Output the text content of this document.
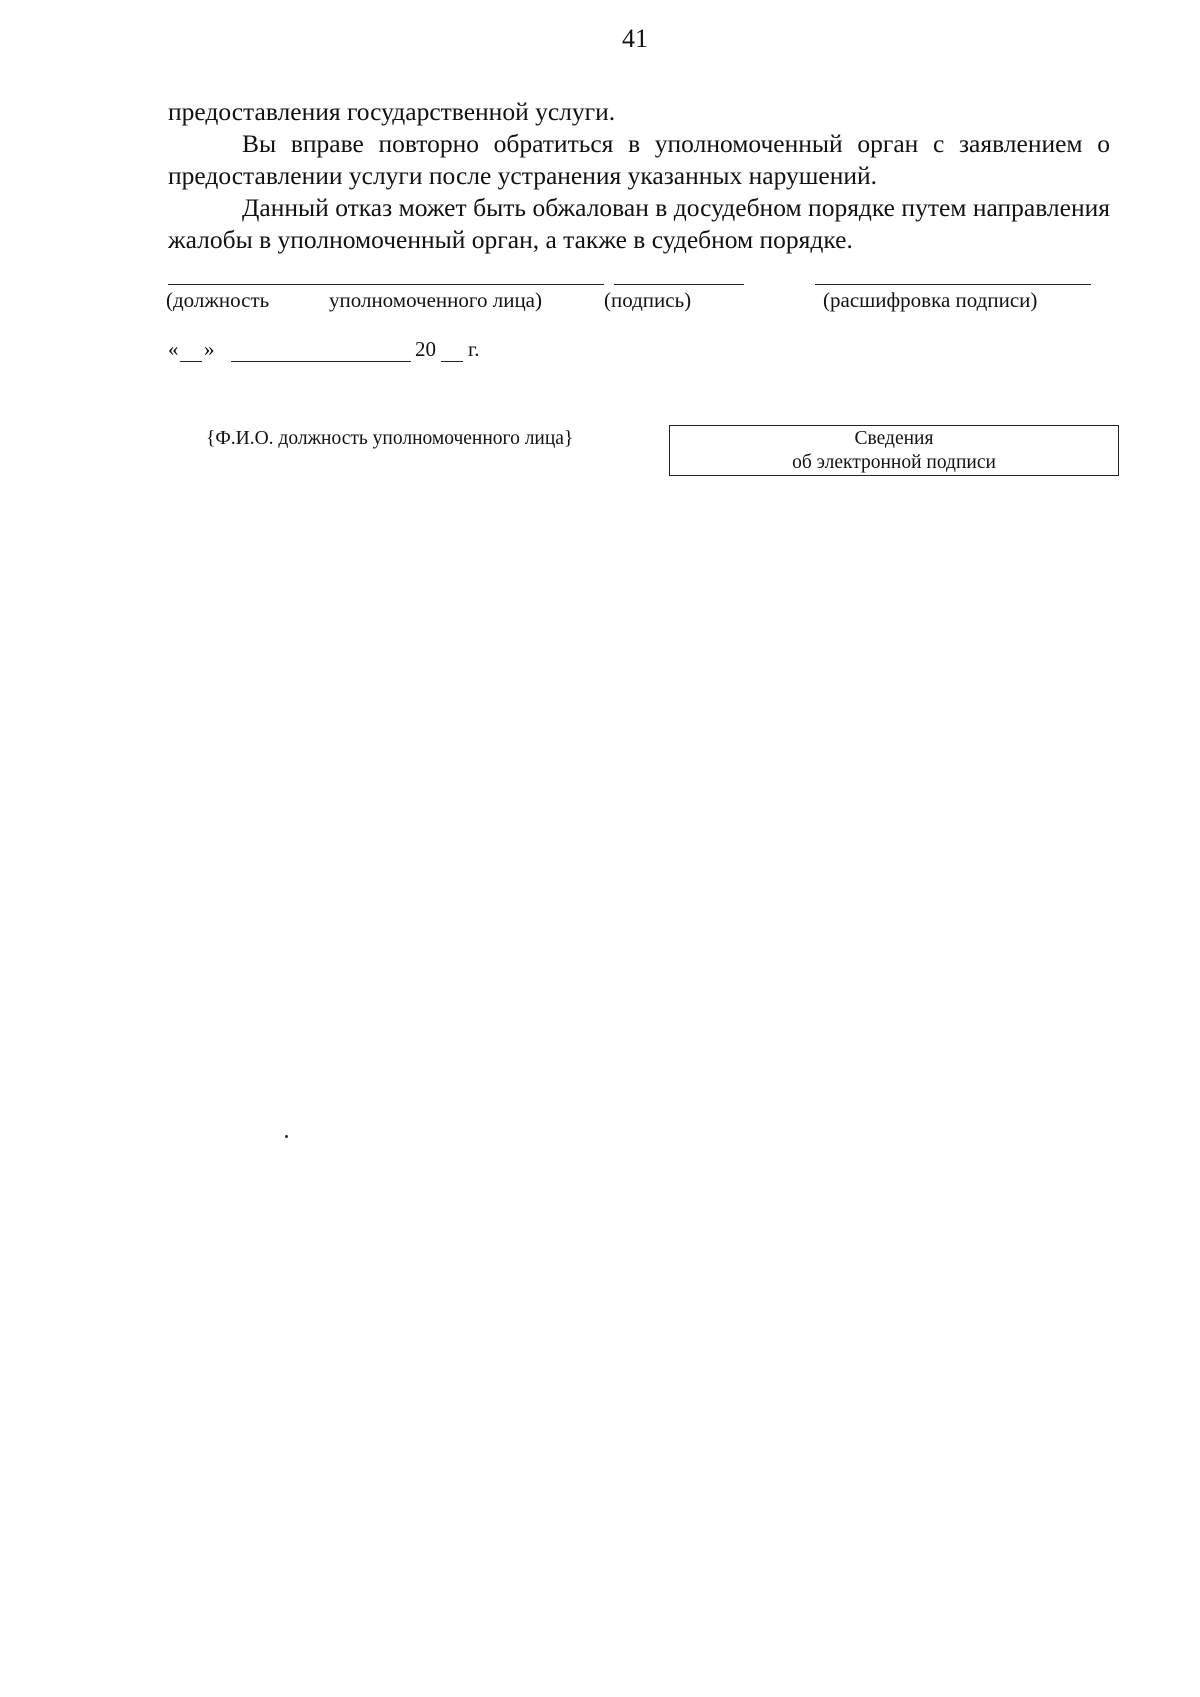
41

предоставления государственной услуги.

Вы вправе повторно обратиться в уполномоченный орган с заявлением о предоставлении услуги после устранения указанных нарушений.

Данный отказ может быть обжалован в досудебном порядке путем направления жалобы в уполномоченный орган, а также в судебном порядке.

(должность	уполномоченного лица)	(подпись)	(расшифровка подписи)
« »	20 г.
{Ф.И.О. должность уполномоченного лица}	Сведения
об электронной подписи
